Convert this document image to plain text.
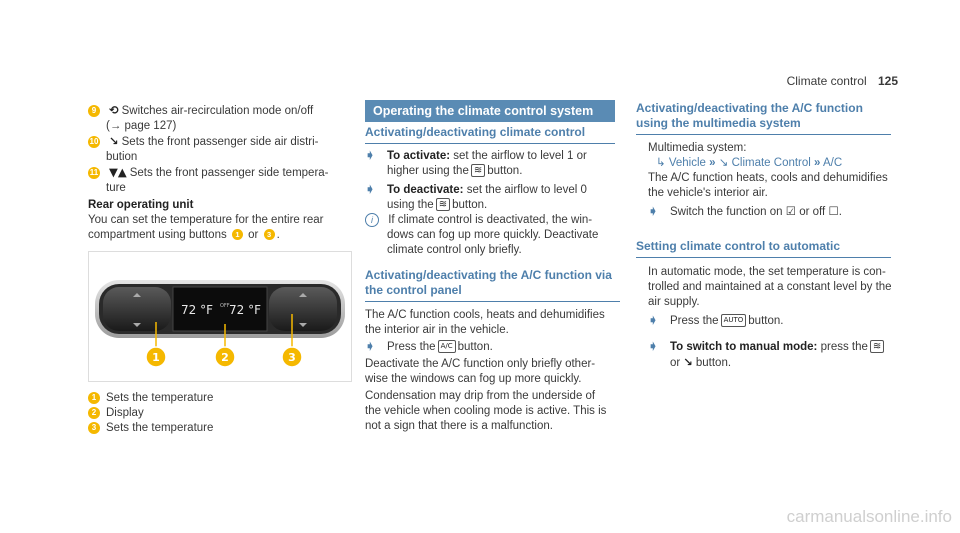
Climate control 125
9 ⟲ Switches air-recirculation mode on/off
(→ page 127)
10 ↘ Sets the front passenger side air distri-
bution
11 ▼▲ Sets the front passenger side tempera-
ture
Rear operating unit
You can set the temperature for the entire rear
compartment using buttons 1 or 3 .
72 °F OFF 72 °F
1	2	3
1 Sets the temperature
2 Display
3 Sets the temperature
Operating the climate control system
Activating/deactivating climate control
➧ To activate: set the airflow to level 1 or
higher using the ≋ button.
➧ To deactivate: set the airflow to level 0
using the ≋ button.
i If climate control is deactivated, the win-
dows can fog up more quickly. Deactivate
climate control only briefly.
Activating/deactivating the A/C function via
the control panel
The A/C function cools, heats and dehumidifies
the interior air in the vehicle.
➧ Press the A/C button.
Deactivate the A/C function only briefly other-
wise the windows can fog up more quickly.
Condensation may drip from the underside of
the vehicle when cooling mode is active. This is
not a sign that there is a malfunction.
Activating/deactivating the A/C function
using the multimedia system
Multimedia system:
↳ Vehicle » ↘ Climate Control » A/C
The A/C function heats, cools and dehumidifies
the vehicle's interior air.
➧ Switch the function on ☑ or off ☐.
Setting climate control to automatic
In automatic mode, the set temperature is con-
trolled and maintained at a constant level by the
air supply.
➧ Press the AUTO button.
➧ To switch to manual mode: press the ≋
or ↘ button.
carmanualsonline.info
